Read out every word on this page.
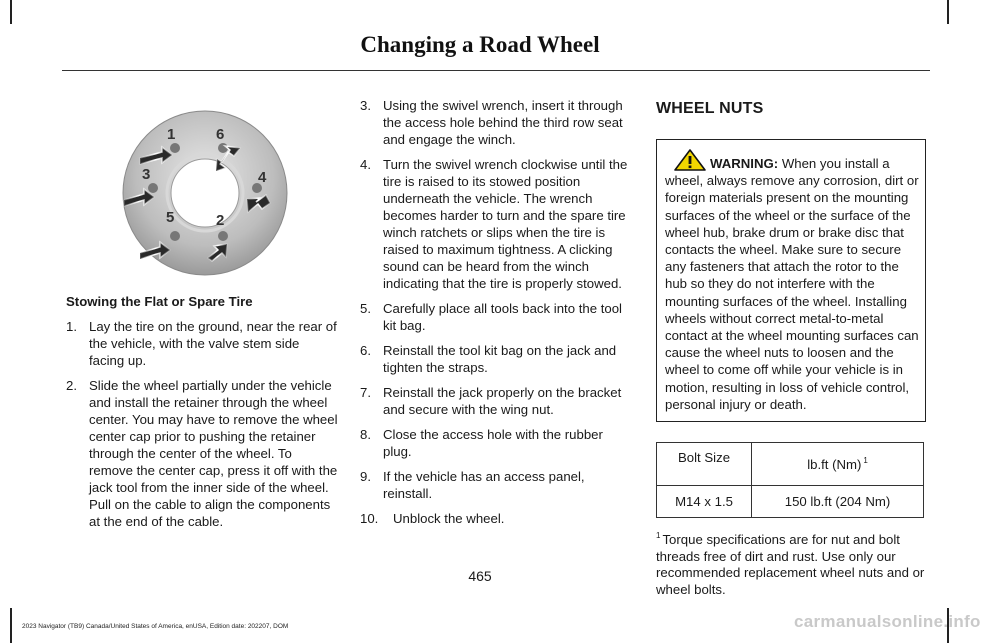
Changing a Road Wheel
1	6
3	4
5	2
Stowing the Flat or Spare Tire
1. Lay the tire on the ground, near the rear of the vehicle, with the valve stem side facing up.
2. Slide the wheel partially under the vehicle and install the retainer through the wheel center. You may have to remove the wheel center cap prior to pushing the retainer through the center of the wheel. To remove the center cap, press it off with the jack tool from the inner side of the wheel. Pull on the cable to align the components at the end of the cable.
3. Using the swivel wrench, insert it through the access hole behind the third row seat and engage the winch.
4. Turn the swivel wrench clockwise until the tire is raised to its stowed position underneath the vehicle. The wrench becomes harder to turn and the spare tire winch ratchets or slips when the tire is raised to maximum tightness. A clicking sound can be heard from the winch indicating that the tire is properly stowed.
5. Carefully place all tools back into the tool kit bag.
6. Reinstall the tool kit bag on the jack and tighten the straps.
7. Reinstall the jack properly on the bracket and secure with the wing nut.
8. Close the access hole with the rubber plug.
9. If the vehicle has an access panel, reinstall.
10. Unblock the wheel.
WHEEL NUTS
WARNING: When you install a wheel, always remove any corrosion, dirt or foreign materials present on the mounting surfaces of the wheel or the surface of the wheel hub, brake drum or brake disc that contacts the wheel. Make sure to secure any fasteners that attach the rotor to the hub so they do not interfere with the mounting surfaces of the wheel. Installing wheels without correct metal-to-metal contact at the wheel mounting surfaces can cause the wheel nuts to loosen and the wheel to come off while your vehicle is in motion, resulting in loss of vehicle control, personal injury or death.
Bolt Size	lb.ft (Nm) $^1$
M14 x 1.5	150 lb.ft (204 Nm)
$^1$ Torque specifications are for nut and bolt threads free of dirt and rust. Use only our recommended replacement wheel nuts and or wheel bolts.
465
2023 Navigator (TB9) Canada/United States of America, enUSA, Edition date: 202207, DOM	carmanualsonline.info
